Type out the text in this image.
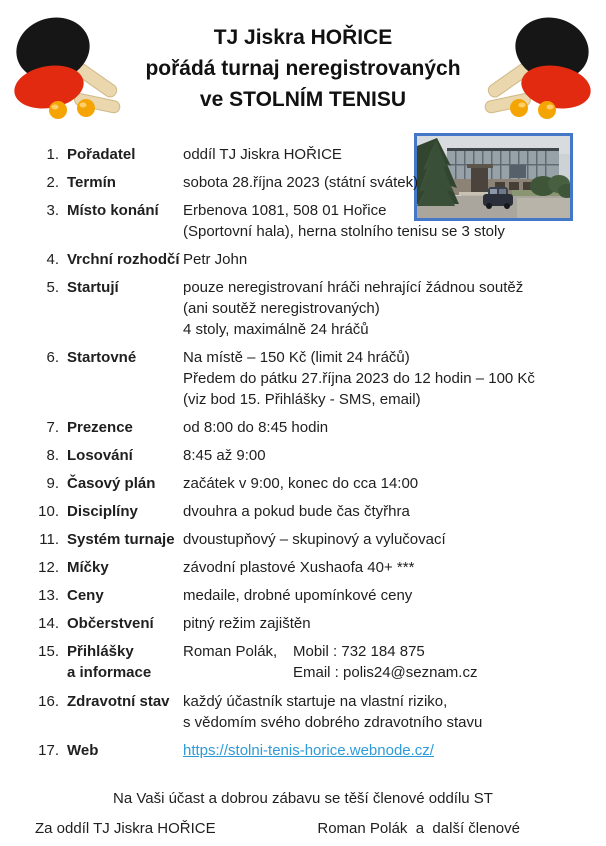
TJ Jiskra HOŘICE
pořádá turnaj neregistrovaných
ve STOLNÍM TENISU
1. Pořadatel	oddíl TJ Jiskra HOŘICE
2. Termín	sobota 28.října 2023 (státní svátek)
3. Místo konání	Erbenova 1081, 508 01 Hořice
(Sportovní hala), herna stolního tenisu se 3 stoly
4. Vrchní rozhodčí Petr John
5. Startují	pouze neregistrovaní hráči nehrající žádnou soutěž
(ani soutěž neregistrovaných)
4 stoly, maximálně 24 hráčů
6. Startovné	Na místě – 150 Kč (limit 24 hráčů)
Předem do pátku 27.října 2023 do 12 hodin – 100 Kč
(viz bod 15. Přihlášky - SMS, email)
7. Prezence	od 8:00 do 8:45 hodin
8. Losování	8:45 až 9:00
9. Časový plán	začátek v 9:00, konec do cca 14:00
10. Disciplíny	dvouhra a pokud bude čas čtyřhra
11. Systém turnaje dvoustupňový – skupinový a vylučovací
12. Míčky	závodní plastové Xushaofa 40+ ***
13. Ceny	medaile, drobné upomínkové ceny
14. Občerstvení	pitný režim zajištěn
15. Přihlášky
a informace
Roman Polák,	Mobil : 732 184 875
Email : polis24@seznam.cz
16. Zdravotní stav každý účastník startuje na vlastní riziko,
s vědomím svého dobrého zdravotního stavu
17. Web	https://stolni-tenis-horice.webnode.cz/
Na Vaši účast a dobrou zábavu se těší členové oddílu ST
Za oddíl TJ Jiskra HOŘICE	Roman Polák  a  další členové
